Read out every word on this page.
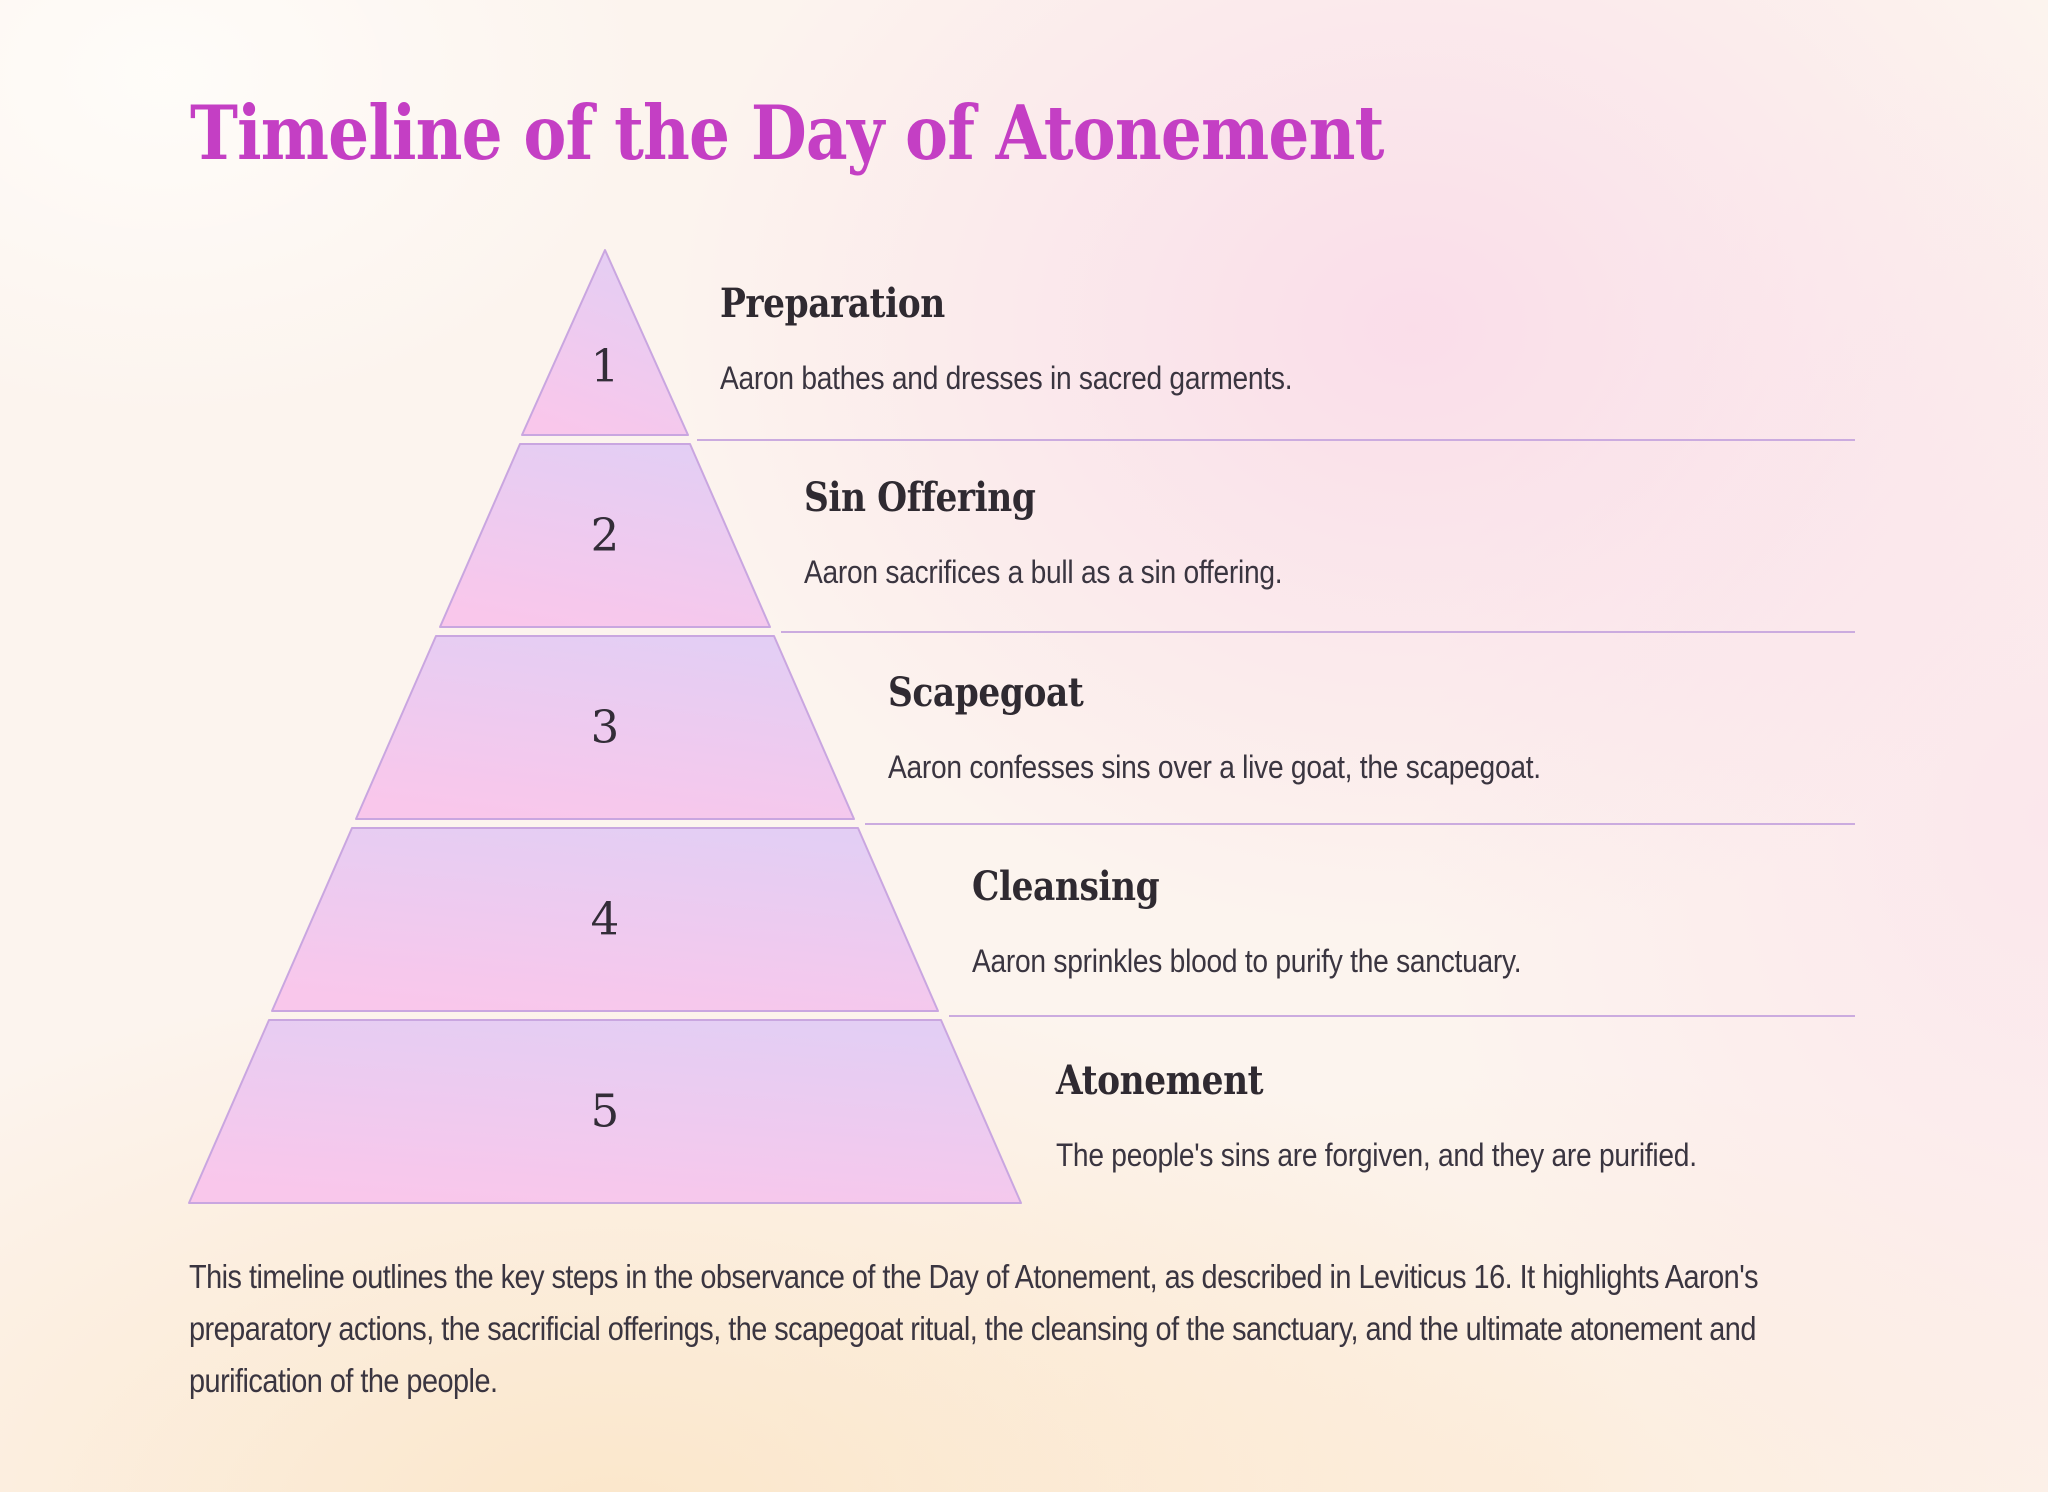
Timeline of the Day of Atonement
1
2
3
4
5
Preparation

Aaron bathes and dresses in sacred garments.

Sin Offering

Aaron sacrifices a bull as a sin offering.

Scapegoat

Aaron confesses sins over a live goat, the scapegoat.

Cleansing

Aaron sprinkles blood to purify the sanctuary.

Atonement

The people's sins are forgiven, and they are purified.

This timeline outlines the key steps in the observance of the Day of Atonement, as described in Leviticus 16. It highlights Aaron's preparatory actions, the sacrificial offerings, the scapegoat ritual, the cleansing of the sanctuary, and the ultimate atonement and purification of the people.
